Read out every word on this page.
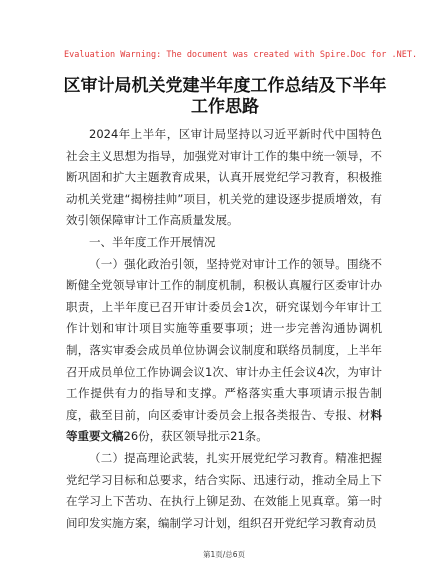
Evaluation Warning: The document was created with Spire.Doc for .NET.
区审计局机关党建半年度工作总结及下半年工作思路

2024年上半年，区审计局坚持以习近平新时代中国特色社会主义思想为指导，加强党对审计工作的集中统一领导，不断巩固和扩大主题教育成果，认真开展党纪学习教育，积极推动机关党建“揭榜挂帅”项目，机关党的建设逐步提质增效，有效引领保障审计工作高质量发展。

一、半年度工作开展情况

（一）强化政治引领，坚持党对审计工作的领导。围绕不断健全党领导审计工作的制度机制，积极认真履行区委审计办职责，上半年度已召开审计委员会1次，研究谋划今年审计工作计划和审计项目实施等重要事项；进一步完善沟通协调机制，落实审委会成员单位协调会议制度和联络员制度，上半年召开成员单位工作协调会议1次、审计办主任会议4次，为审计工作提供有力的指导和支撑。严格落实重大事项请示报告制度，截至目前，向区委审计委员会上报各类报告、专报、材料等重要文稿26份，获区领导批示21条。

（二）提高理论武装，扎实开展党纪学习教育。精准把握党纪学习目标和总要求，结合实际、迅速行动，推动全局上下在学习上下苦功、在执行上铆足劲、在效能上见真章。第一时间印发实施方案，编制学习计划，组织召开党纪学习教育动员

第1页/总6页
